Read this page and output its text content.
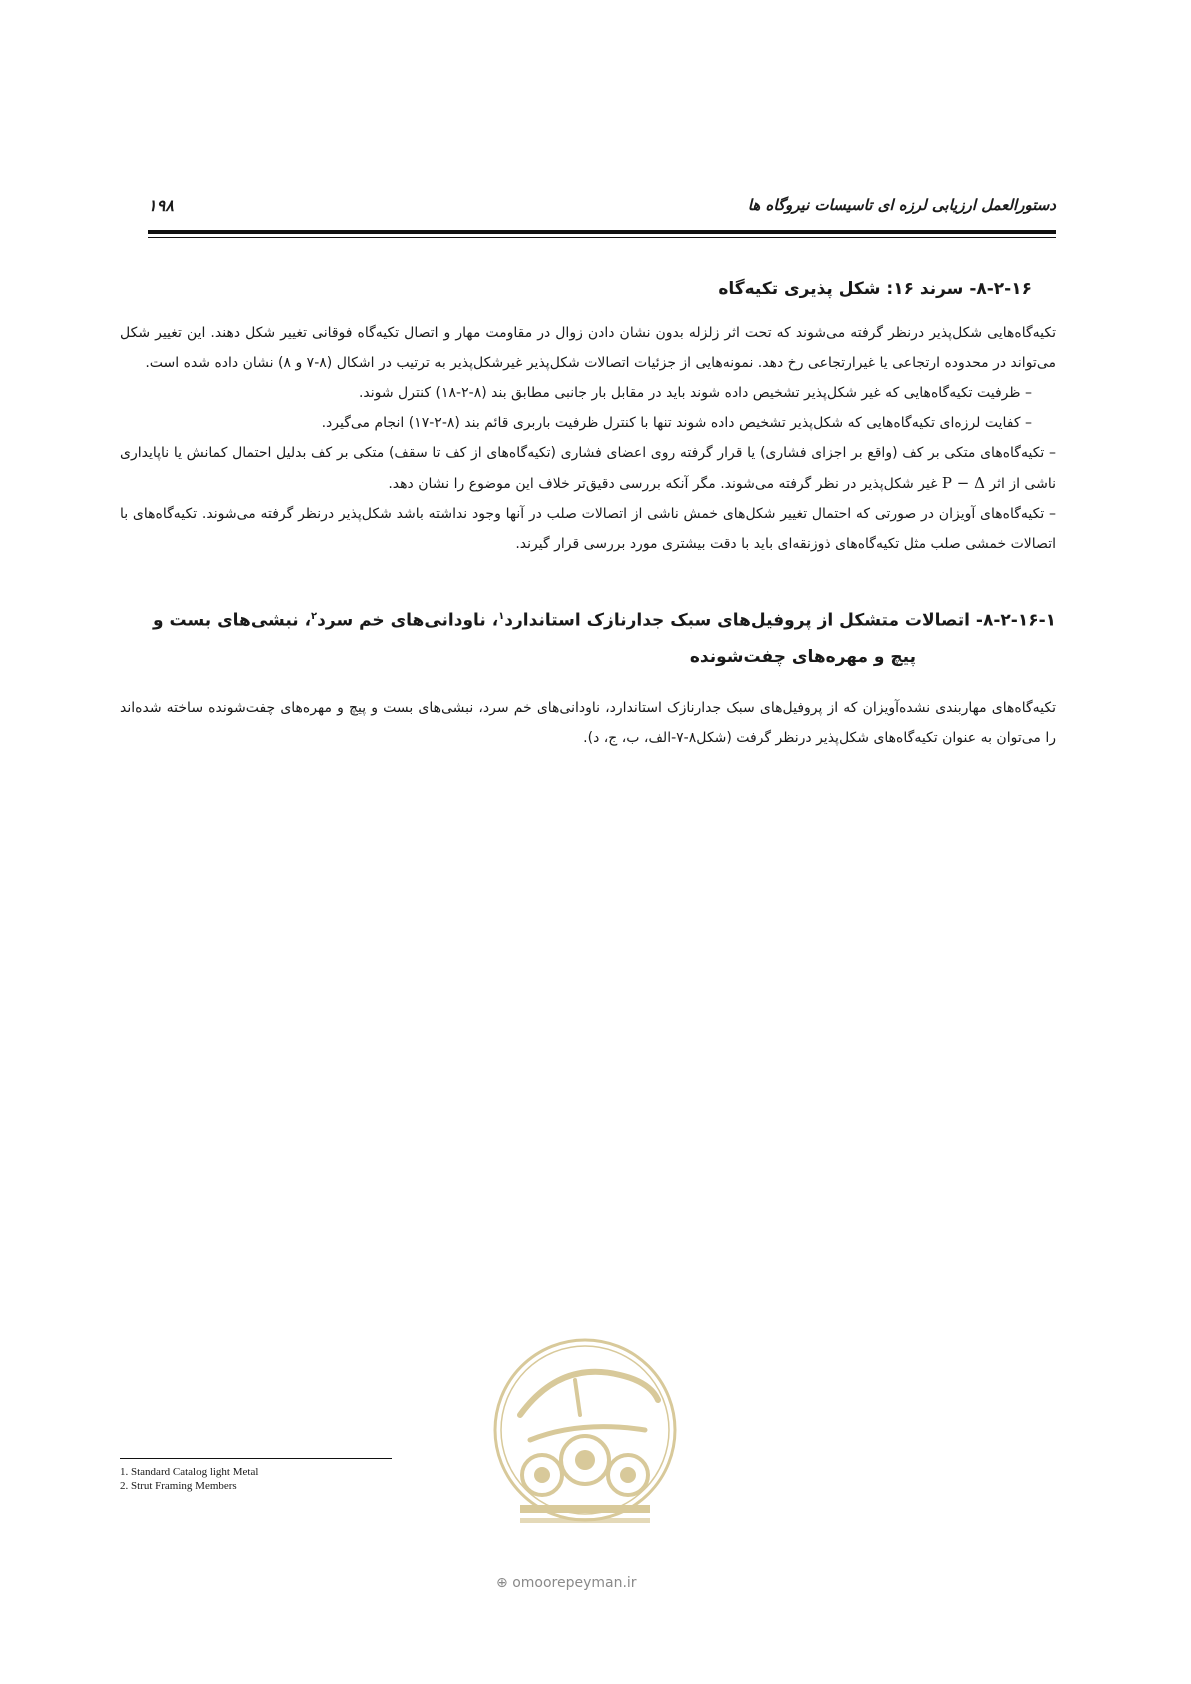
دستورالعمل ارزیابی لرزه ای تاسیسات نیروگاه ها
۱۹۸
۸-۲-۱۶- سرند ۱۶: شکل پذیری تکیه‌گاه

تکیه‌گاه‌هایی شکل‌پذیر درنظر گرفته می‌شوند که تحت اثر زلزله بدون نشان دادن زوال در مقاومت مهار و اتصال تکیه‌گاه فوقانی تغییر شکل دهند. این تغییر شکل می‌تواند در محدوده ارتجاعی یا غیرارتجاعی رخ دهد. نمونه‌هایی از جزئیات اتصالات شکل‌پذیر غیرشکل‌پذیر به ترتیب در اشکال (۸-۷ و ۸) نشان داده شده است.

– ظرفیت تکیه‌گاه‌هایی که غیر شکل‌پذیر تشخیص داده شوند باید در مقابل بار جانبی مطابق بند (۸-۲-۱۸) کنترل شوند.

– کفایت لرزه‌ای تکیه‌گاه‌هایی که شکل‌پذیر تشخیص داده شوند تنها با کنترل ظرفیت باربری قائم بند (۸-۲-۱۷) انجام می‌گیرد.

– تکیه‌گاه‌های متکی بر کف (واقع بر اجزای فشاری) یا قرار گرفته روی اعضای فشاری (تکیه‌گاه‌های از کف تا سقف) متکی بر کف بدلیل احتمال کمانش یا ناپایداری ناشی از اثر P − Δ غیر شکل‌پذیر در نظر گرفته می‌شوند. مگر آنکه بررسی دقیق‌تر خلاف این موضوع را نشان دهد.

– تکیه‌گاه‌های آویزان در صورتی که احتمال تغییر شکل‌های خمش ناشی از اتصالات صلب در آنها وجود نداشته باشد شکل‌پذیر درنظر گرفته می‌شوند. تکیه‌گاه‌های با اتصالات خمشی صلب مثل تکیه‌گاه‌های ذوزنقه‌ای باید با دقت بیشتری مورد بررسی قرار گیرند.

۸-۲-۱۶-۱- اتصالات متشکل از پروفیل‌های سبک جدارنازک استاندارد$^۱$، ناودانی‌های خم سرد$^۲$، نبشی‌های بست و
پیچ و مهره‌های چفت‌شونده

تکیه‌گاه‌های مهاربندی نشده‌آویزان که از پروفیل‌های سبک جدارنازک استاندارد، ناودانی‌های خم سرد، نبشی‌های بست و پیچ و مهره‌های چفت‌شونده ساخته شده‌اند را می‌توان به عنوان تکیه‌گاه‌های شکل‌پذیر درنظر گرفت (شکل۸-۷-الف، ب، ج، د).

⊕ omoorepeyman.ir
1. Standard Catalog light Metal
2. Strut Framing Members
